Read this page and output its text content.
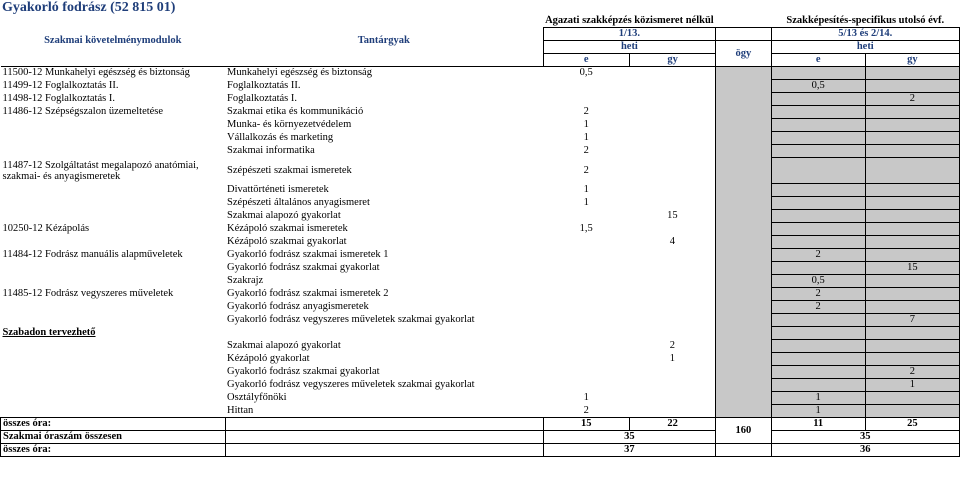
Gyakorló fodrász (52 815 01)
Szakmai követelménymodulok	Tantárgyak	Ágazati szakképzés közismeret nélkül			Szakképesítés-specifikus utolsó évf.	
		1/13.			5/13 és 2/14.	
		heti		ögy	heti	
		e	gy		e	gy
11500-12 Munkahelyi egészség és biztonság	Munkahelyi egészség és biztonság	0,5				
11499-12 Foglalkoztatás II.	Foglalkoztatás II.				0,5	
11498-12 Foglalkoztatás I.	Foglalkoztatás I.					2
11486-12 Szépségszalon üzemeltetése	Szakmai etika és kommunikáció	2				
	Munka- és környezetvédelem	1				
	Vállalkozás és marketing	1				
	Szakmai informatika	2				
11487-12 Szolgáltatást megalapozó anatómiai,
szakmai- és anyagismeretek	Szépészeti szakmai ismeretek	2				
	Divattörténeti ismeretek	1				
	Szépészeti általános anyagismeret	1				
	Szakmai alapozó gyakorlat		15			
10250-12 Kézápolás	Kézápoló szakmai ismeretek	1,5				
	Kézápoló szakmai gyakorlat		4			
11484-12 Fodrász manuális alapműveletek	Gyakorló fodrász szakmai ismeretek 1				2	
	Gyakorló fodrász szakmai gyakorlat					15
	Szakrajz				0,5	
11485-12 Fodrász vegyszeres műveletek	Gyakorló fodrász szakmai ismeretek 2				2	
	Gyakorló fodrász anyagismeretek				2	
	Gyakorló fodrász vegyszeres műveletek szakmai gyakorlat					7
Szabadon tervezhető						
	Szakmai alapozó gyakorlat		2			
	Kézápoló gyakorlat		1			
	Gyakorló fodrász szakmai gyakorlat					2
	Gyakorló fodrász vegyszeres műveletek szakmai gyakorlat					1
	Osztályfőnöki	1			1	
	Hittan	2			1	
összes óra:		15	22	160	11	25
Szakmai óraszám összesen		35			35	
összes óra:		37			36	
